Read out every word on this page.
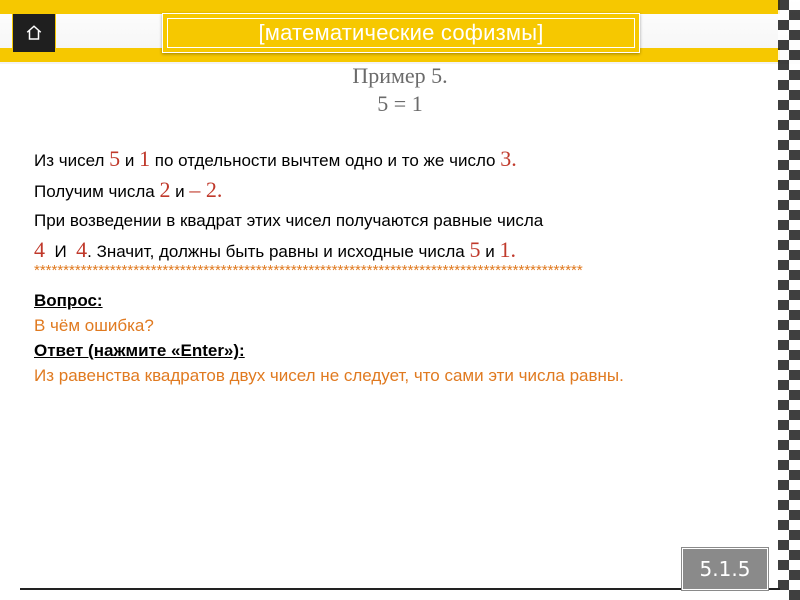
[математические софизмы]
Пример 5.
5 = 1
Из чисел 5 и 1 по отдельности вычтем одно и то же число 3.
Получим числа 2 и – 2.
При возведении в квадрат этих чисел получаются равные числа
4  И  4. Значит, должны быть равны и исходные числа 5 и 1.
**********************************************************************************************
Вопрос:
В чём ошибка?
Ответ (нажмите «Enter»):
Из равенства квадратов двух чисел не следует, что сами эти числа равны.
5.1.5
